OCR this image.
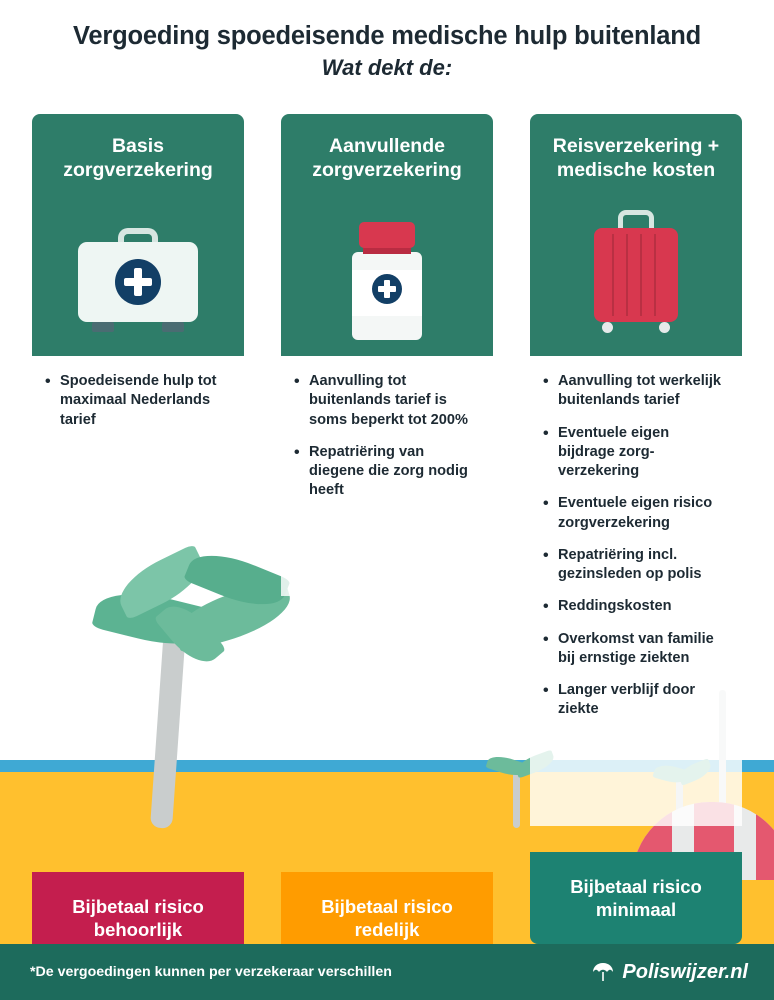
Vergoeding spoedeisende medische hulp buitenland
Wat dekt de:
Basis
zorgverzekering
• Spoedeisende hulp tot maximaal Nederlands tarief
Bijbetaal risico
behoorlijk
Aanvullende
zorgverzekering
• Aanvulling tot buitenlands tarief is soms beperkt tot 200%
• Repatriëring van diegene die zorg nodig heeft
Bijbetaal risico
redelijk
Reisverzekering +
medische kosten
• Aanvulling tot werkelijk buitenlands tarief
• Eventuele eigen bijdrage zorg-verzekering
• Eventuele eigen risico zorgverzekering
• Repatriëring incl. gezinsleden op polis
• Reddingskosten
• Overkomst van familie bij ernstige ziekten
• Langer verblijf door ziekte
Bijbetaal risico
minimaal
*De vergoedingen kunnen per verzekeraar verschillen	Poliswijzer.nl
